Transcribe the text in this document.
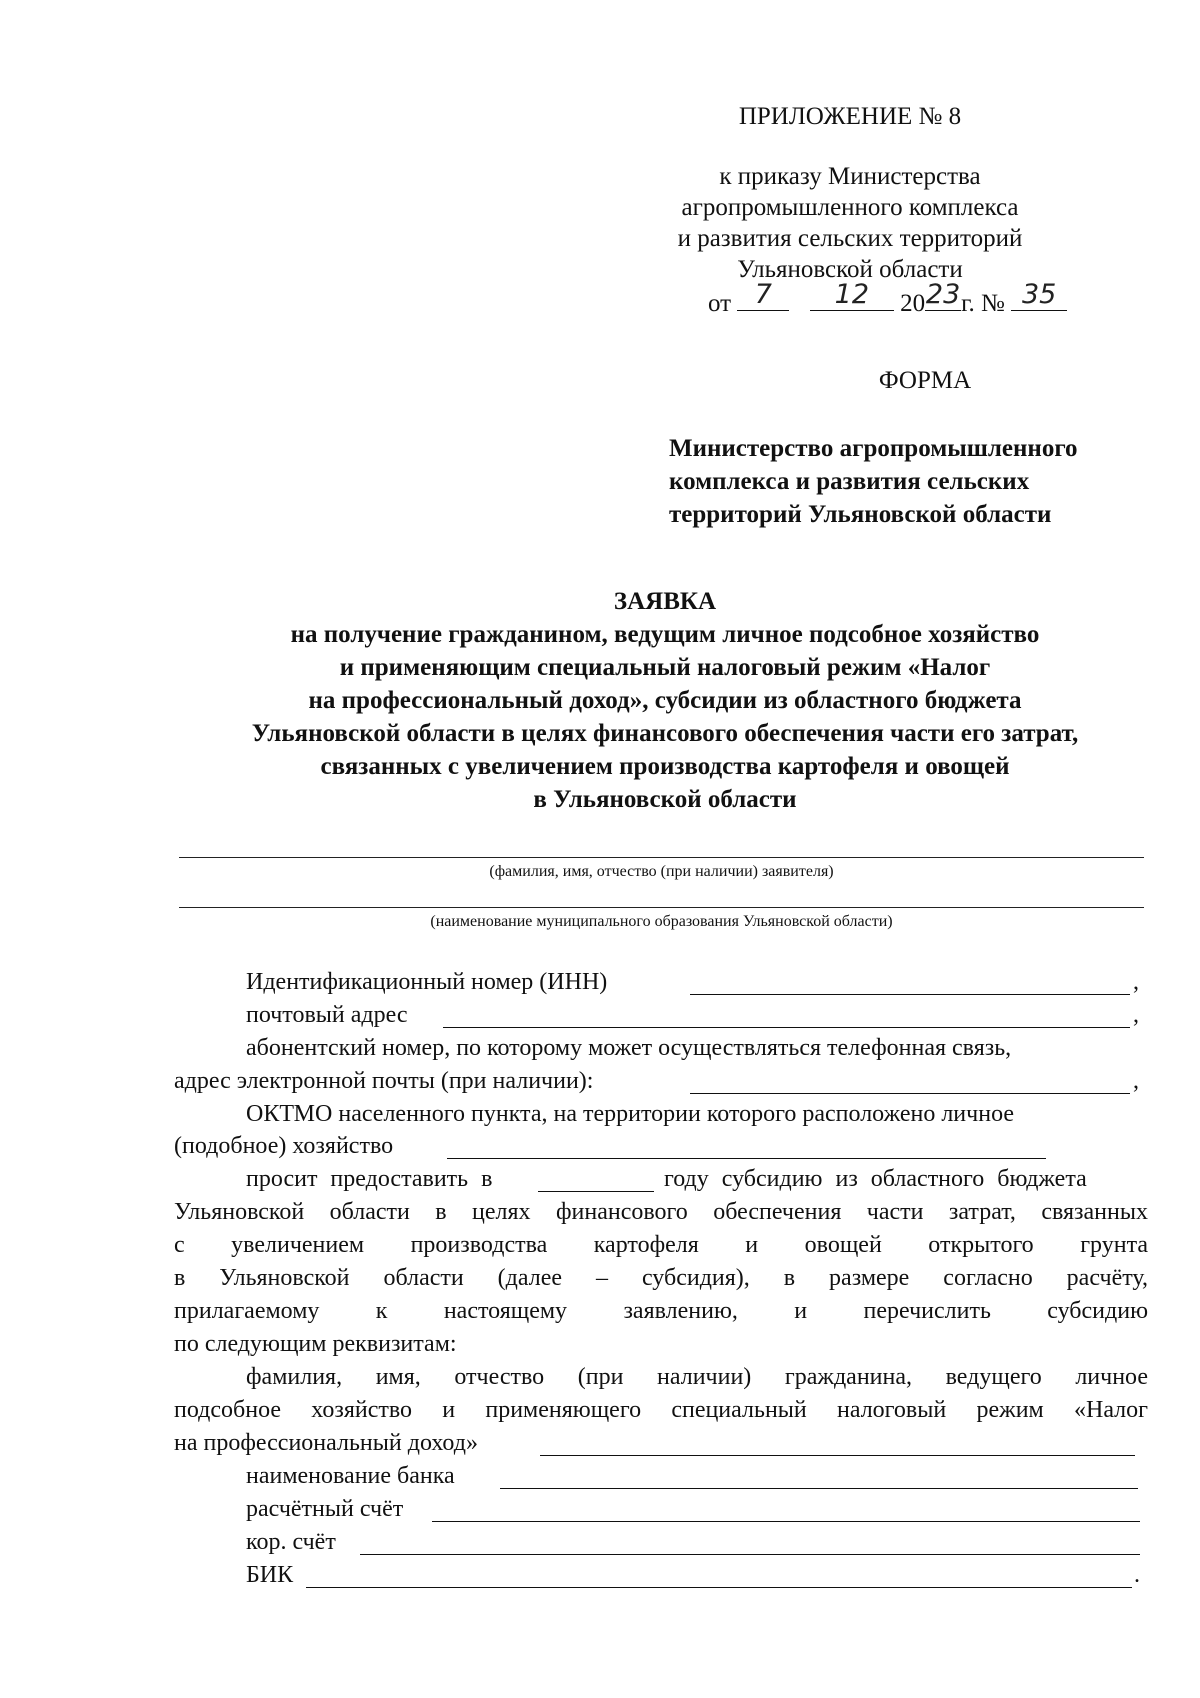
ПРИЛОЖЕНИЕ № 8
к приказу Министерства
агропромышленного комплекса
и развития сельских территорий
Ульяновской области
от 7
	12	20 23 г. № 35
ФОРМА
Министерство агропромышленного
комплекса и развития сельских
территорий Ульяновской области
ЗАЯВКА
на получение гражданином, ведущим личное подсобное хозяйство
и применяющим специальный налоговый режим «Налог
на профессиональный доход», субсидии из областного бюджета
Ульяновской области в целях финансового обеспечения части его затрат,
связанных с увеличением производства картофеля и овощей
в Ульяновской области
(фамилия, имя, отчество (при наличии) заявителя)
(наименование муниципального образования Ульяновской области)
Идентификационный номер (ИНН)	,
почтовый адрес	,
абонентский номер, по которому может осуществляться телефонная связь,
адрес электронной почты (при наличии):	,
ОКТМО населенного пункта, на территории которого расположено личное
(подобное) хозяйство
просит предоставить в	году субсидию из областного бюджета
Ульяновской области в целях финансового обеспечения части затрат, связанных
с увеличением производства картофеля и овощей открытого грунта
в Ульяновской области (далее – субсидия), в размере согласно расчёту,
прилагаемому к настоящему заявлению, и перечислить субсидию
по следующим реквизитам:
фамилия, имя, отчество (при наличии) гражданина, ведущего личное
подсобное хозяйство и применяющего специальный налоговый режим «Налог
на профессиональный доход»
наименование банка
расчётный счёт
кор. счёт
БИК	.
